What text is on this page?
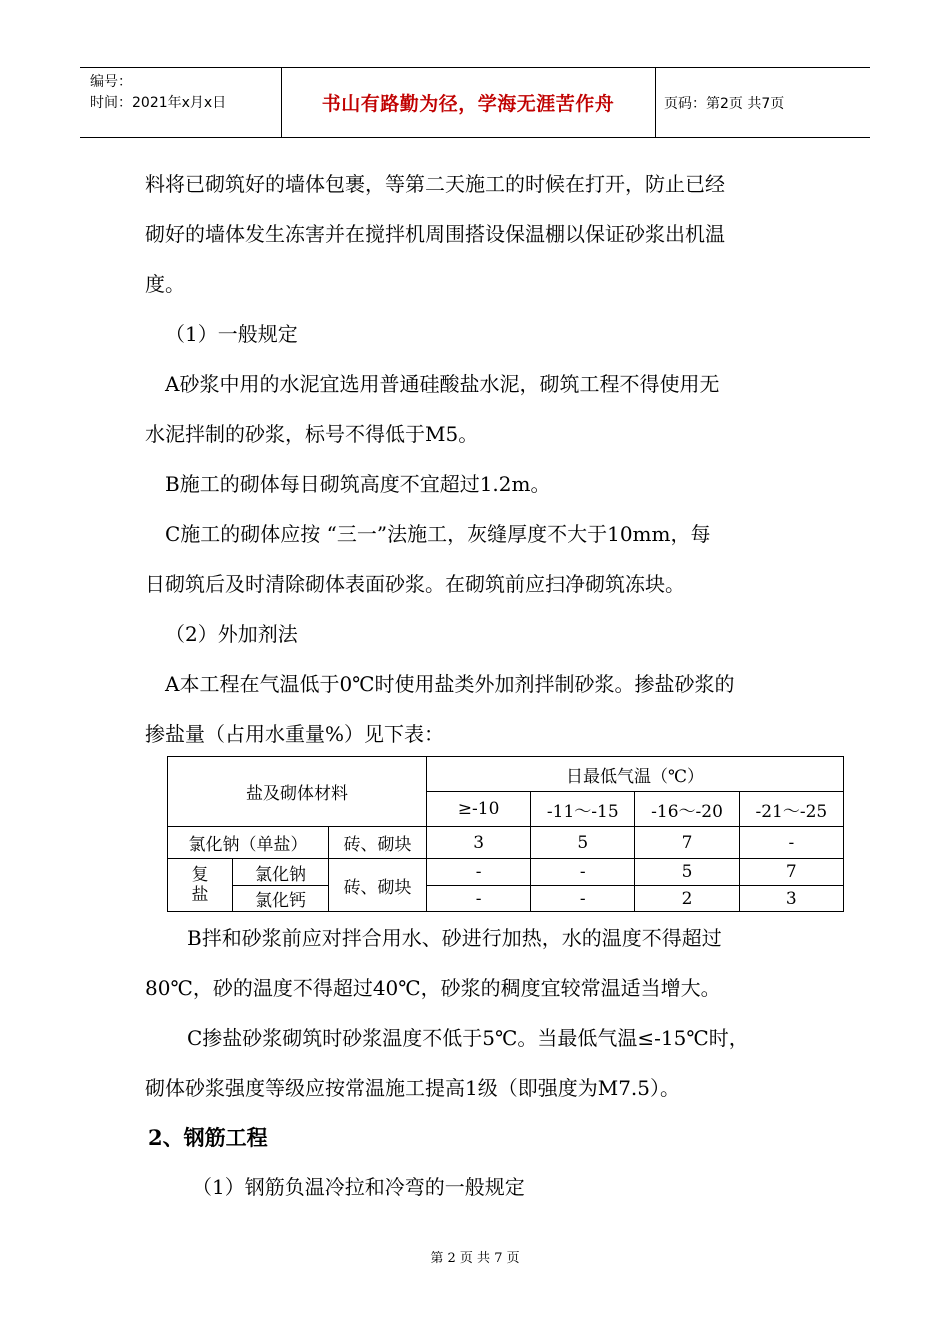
编号：
时间：2021年x月x日	书山有路勤为径，学海无涯苦作舟	页码：第2页 共7页
料将已砌筑好的墙体包裹，等第二天施工的时候在打开，防止已经
砌好的墙体发生冻害并在搅拌机周围搭设保温棚以保证砂浆出机温
度。
（1）一般规定
A砂浆中用的水泥宜选用普通硅酸盐水泥，砌筑工程不得使用无
水泥拌制的砂浆，标号不得低于M5。
B施工的砌体每日砌筑高度不宜超过1.2m。
C施工的砌体应按 “三一”法施工，灰缝厚度不大于10mm，每
日砌筑后及时清除砌体表面砂浆。在砌筑前应扫净砌筑冻块。
（2）外加剂法
A本工程在气温低于0℃时使用盐类外加剂拌制砂浆。掺盐砂浆的
掺盐量（占用水重量%）见下表：
盐及砌体材料			日最低气温（℃）			
			≥-10	-11～-15	-16～-20	-21～-25
氯化钠（单盐）		砖、砌块	3	5	7	-

复
盐	氯化钠	砖、砌块	-	-	5	7
	氯化钙		-	-	2	3
B拌和砂浆前应对拌合用水、砂进行加热，水的温度不得超过
80℃，砂的温度不得超过40℃，砂浆的稠度宜较常温适当增大。
C掺盐砂浆砌筑时砂浆温度不低于5℃。当最低气温≤-15℃时，
砌体砂浆强度等级应按常温施工提高1级（即强度为M7.5）。
2、钢筋工程
（1）钢筋负温冷拉和冷弯的一般规定
第 2 页 共 7 页
